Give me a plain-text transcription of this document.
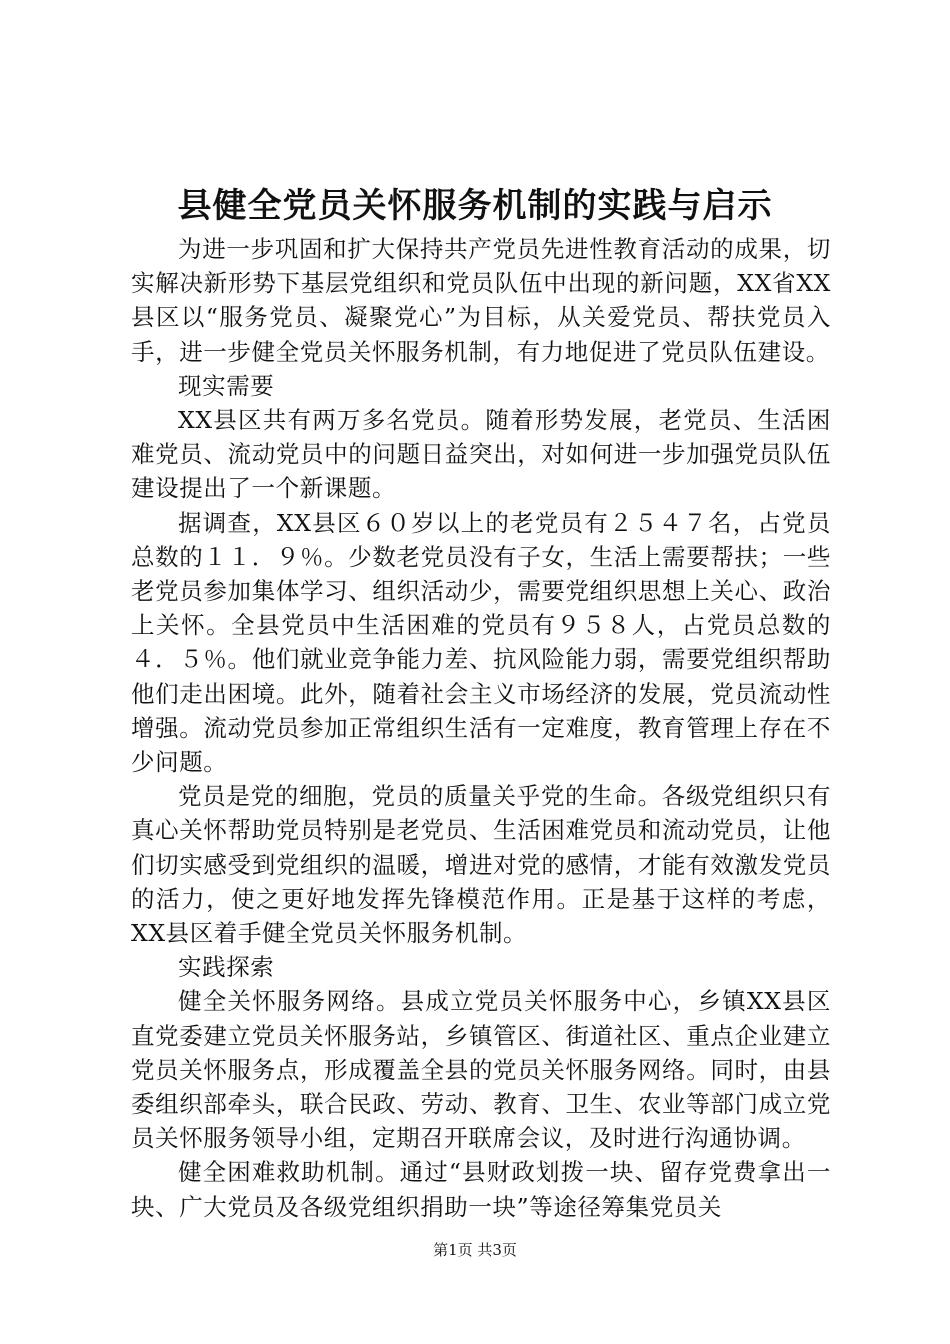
县健全党员关怀服务机制的实践与启示

为进一步巩固和扩大保持共产党员先进性教育活动的成果，切实解决新形势下基层党组织和党员队伍中出现的新问题，XX省XX县区以“服务党员、凝聚党心”为目标，从关爱党员、帮扶党员入手，进一步健全党员关怀服务机制，有力地促进了党员队伍建设。

现实需要

XX县区共有两万多名党员。随着形势发展，老党员、生活困难党员、流动党员中的问题日益突出，对如何进一步加强党员队伍建设提出了一个新课题。

据调查，XX县区６０岁以上的老党员有２５４７名，占党员总数的１１．９％。少数老党员没有子女，生活上需要帮扶；一些老党员参加集体学习、组织活动少，需要党组织思想上关心、政治上关怀。全县党员中生活困难的党员有９５８人，占党员总数的４．５％。他们就业竞争能力差、抗风险能力弱，需要党组织帮助他们走出困境。此外，随着社会主义市场经济的发展，党员流动性增强。流动党员参加正常组织生活有一定难度，教育管理上存在不少问题。

党员是党的细胞，党员的质量关乎党的生命。各级党组织只有真心关怀帮助党员特别是老党员、生活困难党员和流动党员，让他们切实感受到党组织的温暖，增进对党的感情，才能有效激发党员的活力，使之更好地发挥先锋模范作用。正是基于这样的考虑，XX县区着手健全党员关怀服务机制。

实践探索

健全关怀服务网络。县成立党员关怀服务中心，乡镇XX县区直党委建立党员关怀服务站，乡镇管区、街道社区、重点企业建立党员关怀服务点，形成覆盖全县的党员关怀服务网络。同时，由县委组织部牵头，联合民政、劳动、教育、卫生、农业等部门成立党员关怀服务领导小组，定期召开联席会议，及时进行沟通协调。

健全困难救助机制。通过“县财政划拨一块、留存党费拿出一块、广大党员及各级党组织捐助一块”等途径筹集党员关

第1页 共3页
